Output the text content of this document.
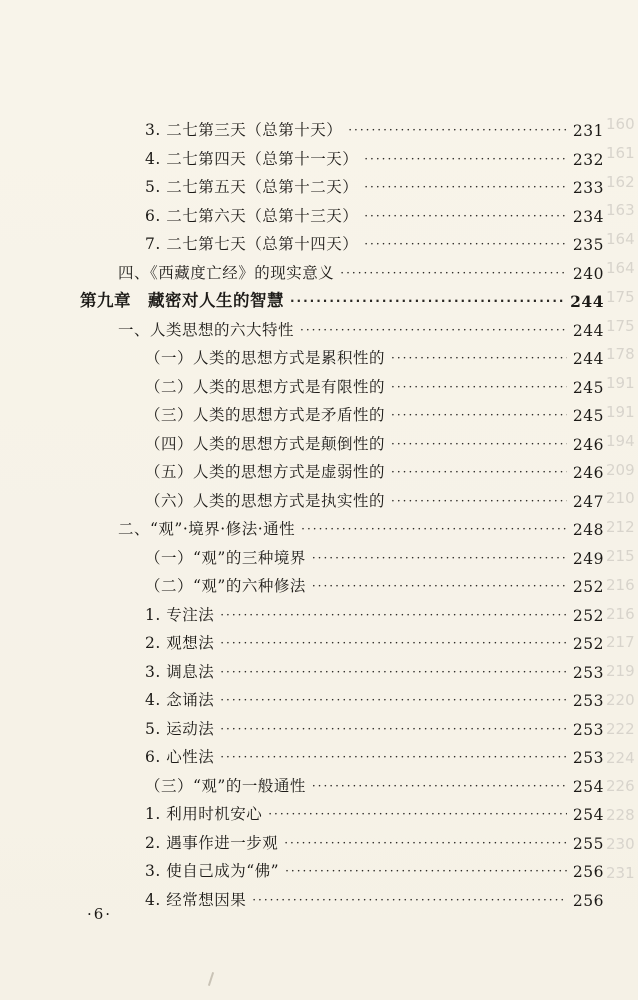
160
161
162
163
164
164
175
175
178
191
191
194
209
210
212
215
216
216
217
219
220
222
224
226
228
230
231
3. 二七第三天（总第十天） ·····	231
4. 二七第四天（总第十一天） ·····	232
5. 二七第五天（总第十二天） ·····	233
6. 二七第六天（总第十三天） ·····	234
7. 二七第七天（总第十四天） ·····	235
四、《西藏度亡经》的现实意义 ·····	240
第九章　藏密对人生的智慧 ·····	244
一、人类思想的六大特性 ·····	244
（一）人类的思想方式是累积性的 ·····	244
（二）人类的思想方式是有限性的 ·····	245
（三）人类的思想方式是矛盾性的 ·····	245
（四）人类的思想方式是颠倒性的 ·····	246
（五）人类的思想方式是虚弱性的 ·····	246
（六）人类的思想方式是执实性的 ·····	247
二、“观”·境界·修法·通性 ·····	248
（一）“观”的三种境界 ·····	249
（二）“观”的六种修法 ·····	252
1. 专注法 ·····	252
2. 观想法 ·····	252
3. 调息法 ·····	253
4. 念诵法 ·····	253
5. 运动法 ·····	253
6. 心性法 ·····	253
（三）“观”的一般通性 ·····	254
1. 利用时机安心 ·····	254
2. 遇事作进一步观 ·····	255
3. 使自己成为“佛” ·····	256
4. 经常想因果 ·····	256
·6·
